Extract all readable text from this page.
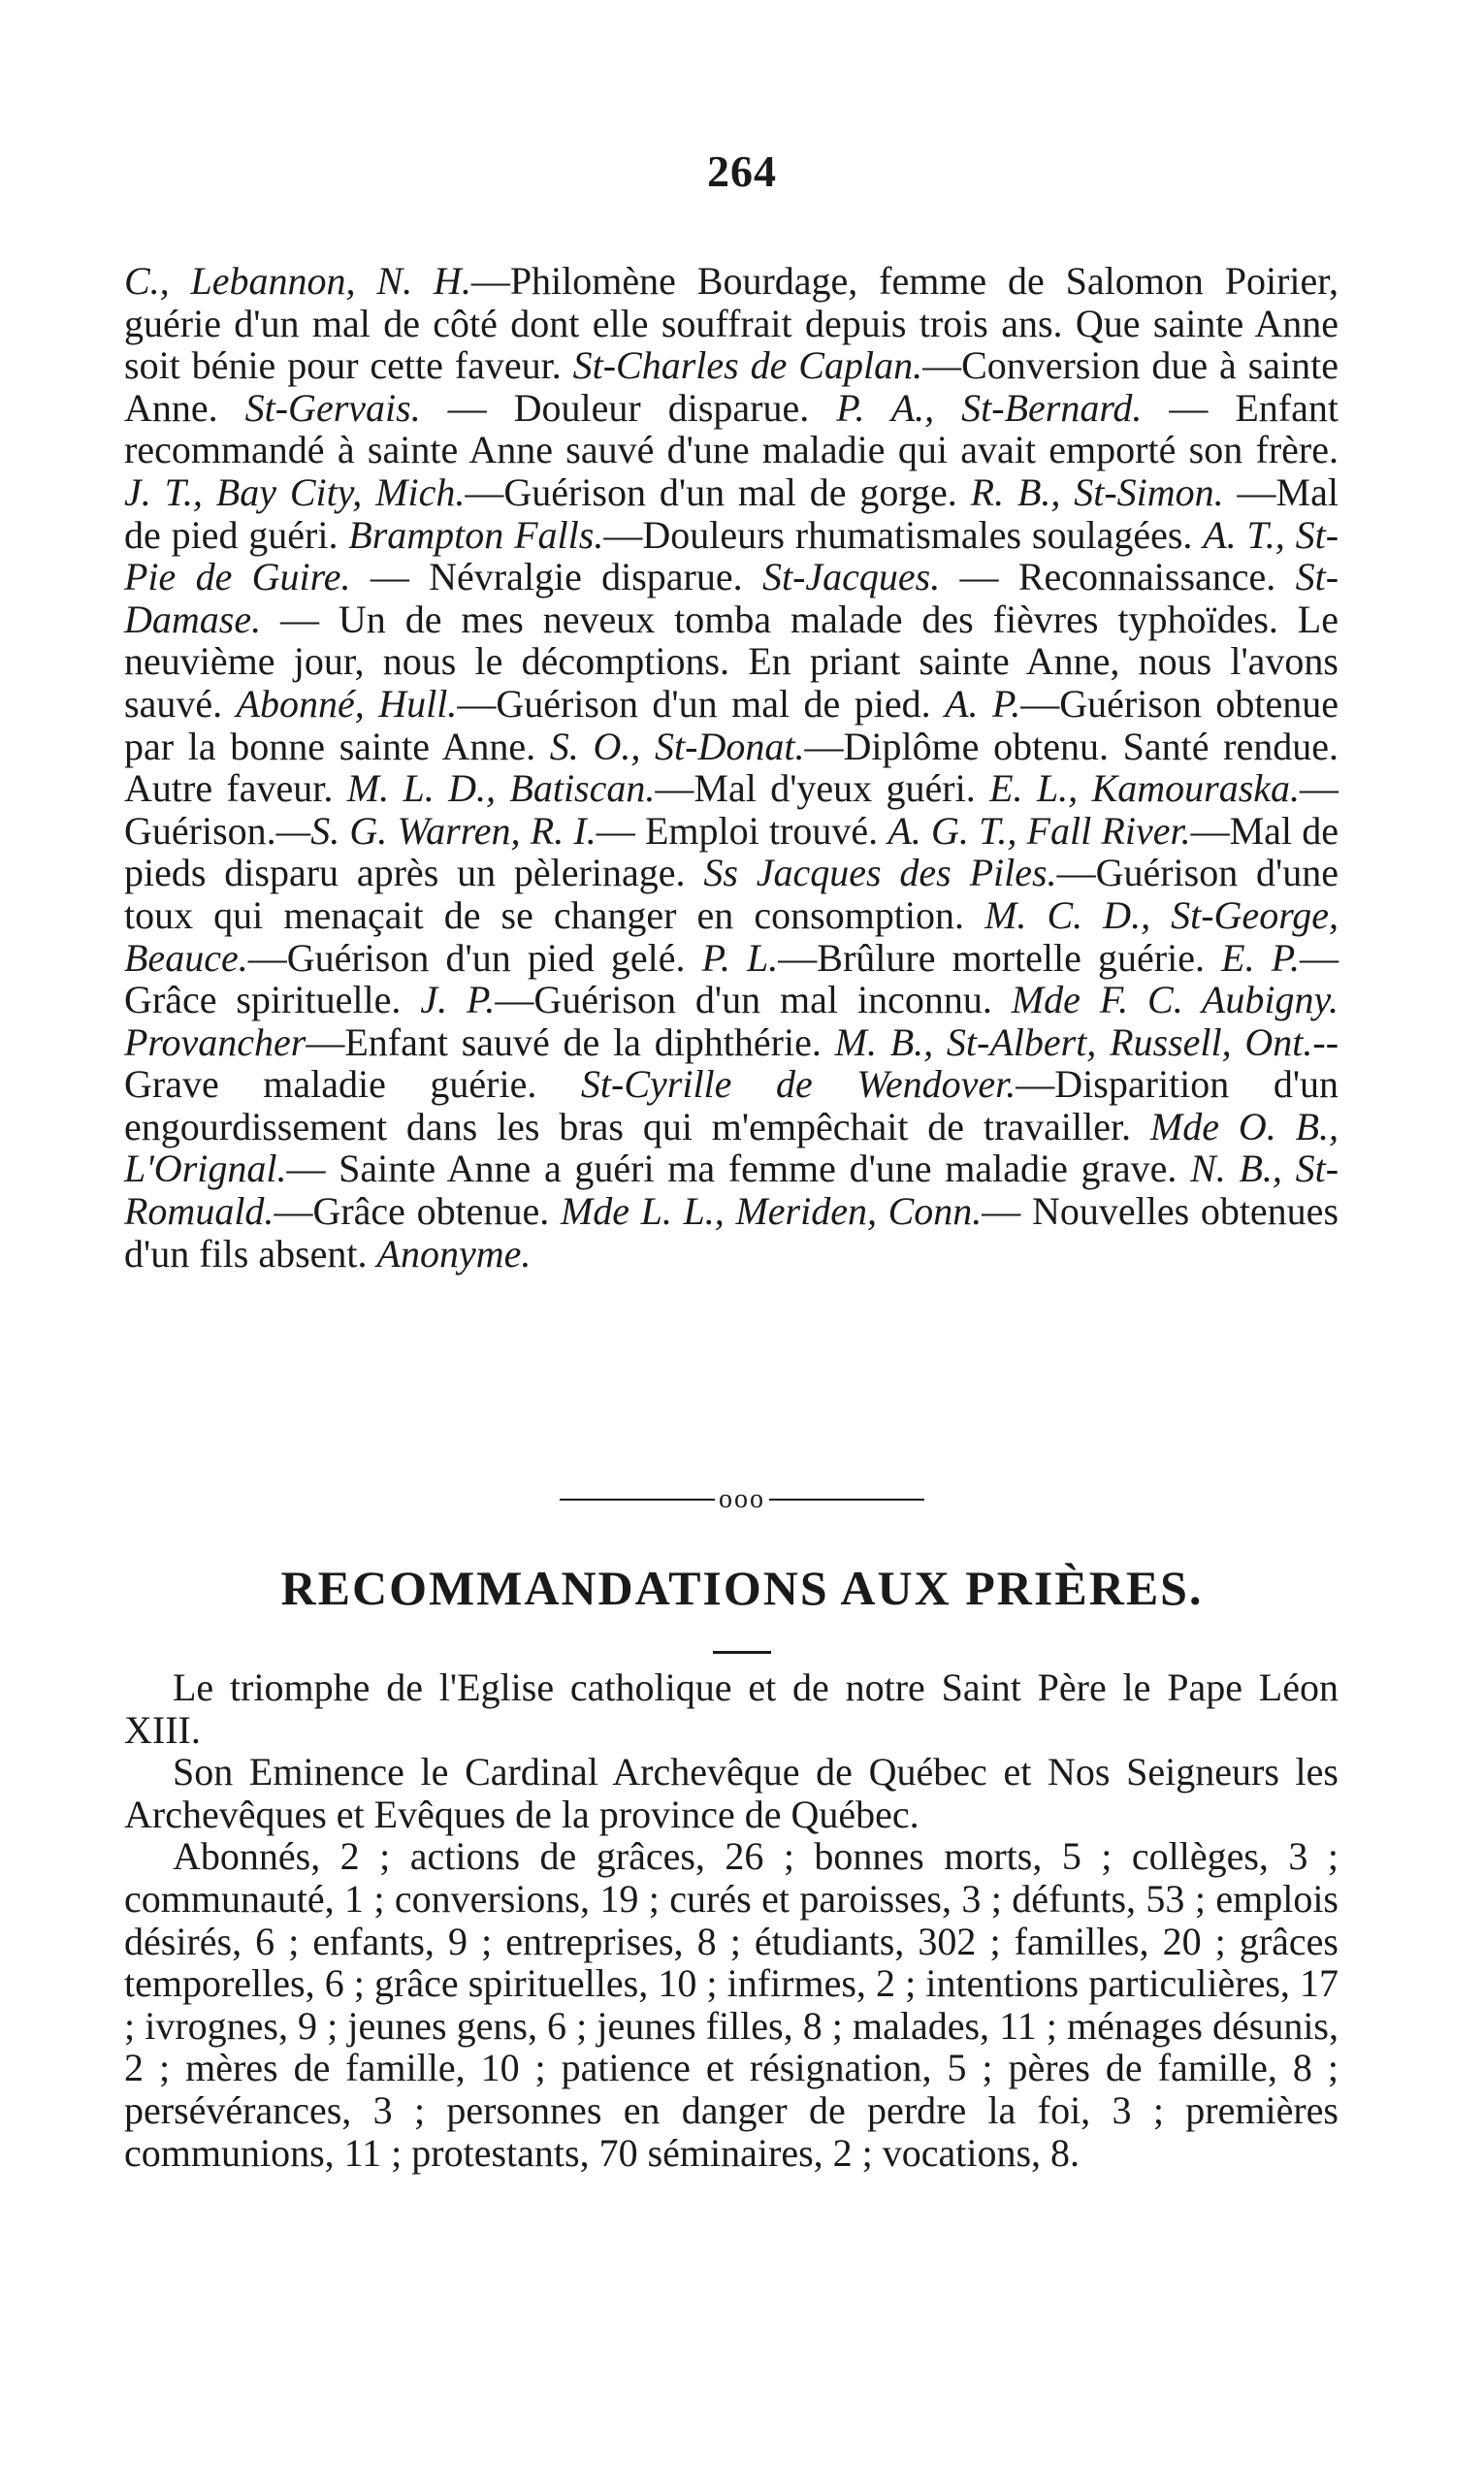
264

C., Lebannon, N. H.—Philomène Bourdage, femme de Salomon Poirier, guérie d'un mal de côté dont elle souffrait depuis trois ans. Que sainte Anne soit bénie pour cette faveur. St-Charles de Caplan.—Conversion due à sainte Anne. St-Gervais. — Douleur disparue. P. A., St-Bernard. — Enfant recommandé à sainte Anne sauvé d'une maladie qui avait emporté son frère. J. T., Bay City, Mich.—Guérison d'un mal de gorge. R. B., St-Simon. —Mal de pied guéri. Brampton Falls.—Douleurs rhumatismales soulagées. A. T., St-Pie de Guire. — Névralgie disparue. St-Jacques. — Reconnaissance. St-Damase. — Un de mes neveux tomba malade des fièvres typhoïdes. Le neuvième jour, nous le décomptions. En priant sainte Anne, nous l'avons sauvé. Abonné, Hull.—Guérison d'un mal de pied. A. P.—Guérison obtenue par la bonne sainte Anne. S. O., St-Donat.—Diplôme obtenu. Santé rendue. Autre faveur. M. L. D., Batiscan.—Mal d'yeux guéri. E. L., Kamouraska.—Guérison.—S. G. Warren, R. I.— Emploi trouvé. A. G. T., Fall River.—Mal de pieds disparu après un pèlerinage. Ss Jacques des Piles.—Guérison d'une toux qui menaçait de se changer en consomption. M. C. D., St-George, Beauce.—Guérison d'un pied gelé. P. L.—Brûlure mortelle guérie. E. P.—Grâce spirituelle. J. P.—Guérison d'un mal inconnu. Mde F. C. Aubigny. Provancher—Enfant sauvé de la diphthérie. M. B., St-Albert, Russell, Ont.--Grave maladie guérie. St-Cyrille de Wendover.—Disparition d'un engourdissement dans les bras qui m'empêchait de travailler. Mde O. B., L'Orignal.— Sainte Anne a guéri ma femme d'une maladie grave. N. B., St-Romuald.—Grâce obtenue. Mde L. L., Meriden, Conn.— Nouvelles obtenues d'un fils absent. Anonyme.

ooo
RECOMMANDATIONS AUX PRIÈRES.

Le triomphe de l'Eglise catholique et de notre Saint Père le Pape Léon XIII.

Son Eminence le Cardinal Archevêque de Québec et Nos Seigneurs les Archevêques et Evêques de la province de Québec.

Abonnés, 2 ; actions de grâces, 26 ; bonnes morts, 5 ; collèges, 3 ; communauté, 1 ; conversions, 19 ; curés et paroisses, 3 ; défunts, 53 ; emplois désirés, 6 ; enfants, 9 ; entreprises, 8 ; étudiants, 302 ; familles, 20 ; grâces temporelles, 6 ; grâce spirituelles, 10 ; infirmes, 2 ; intentions particulières, 17 ; ivrognes, 9 ; jeunes gens, 6 ; jeunes filles, 8 ; malades, 11 ; ménages désunis, 2 ; mères de famille, 10 ; patience et résignation, 5 ; pères de famille, 8 ; persévérances, 3 ; personnes en danger de perdre la foi, 3 ; premières communions, 11 ; protestants, 70 séminaires, 2 ; vocations, 8.
